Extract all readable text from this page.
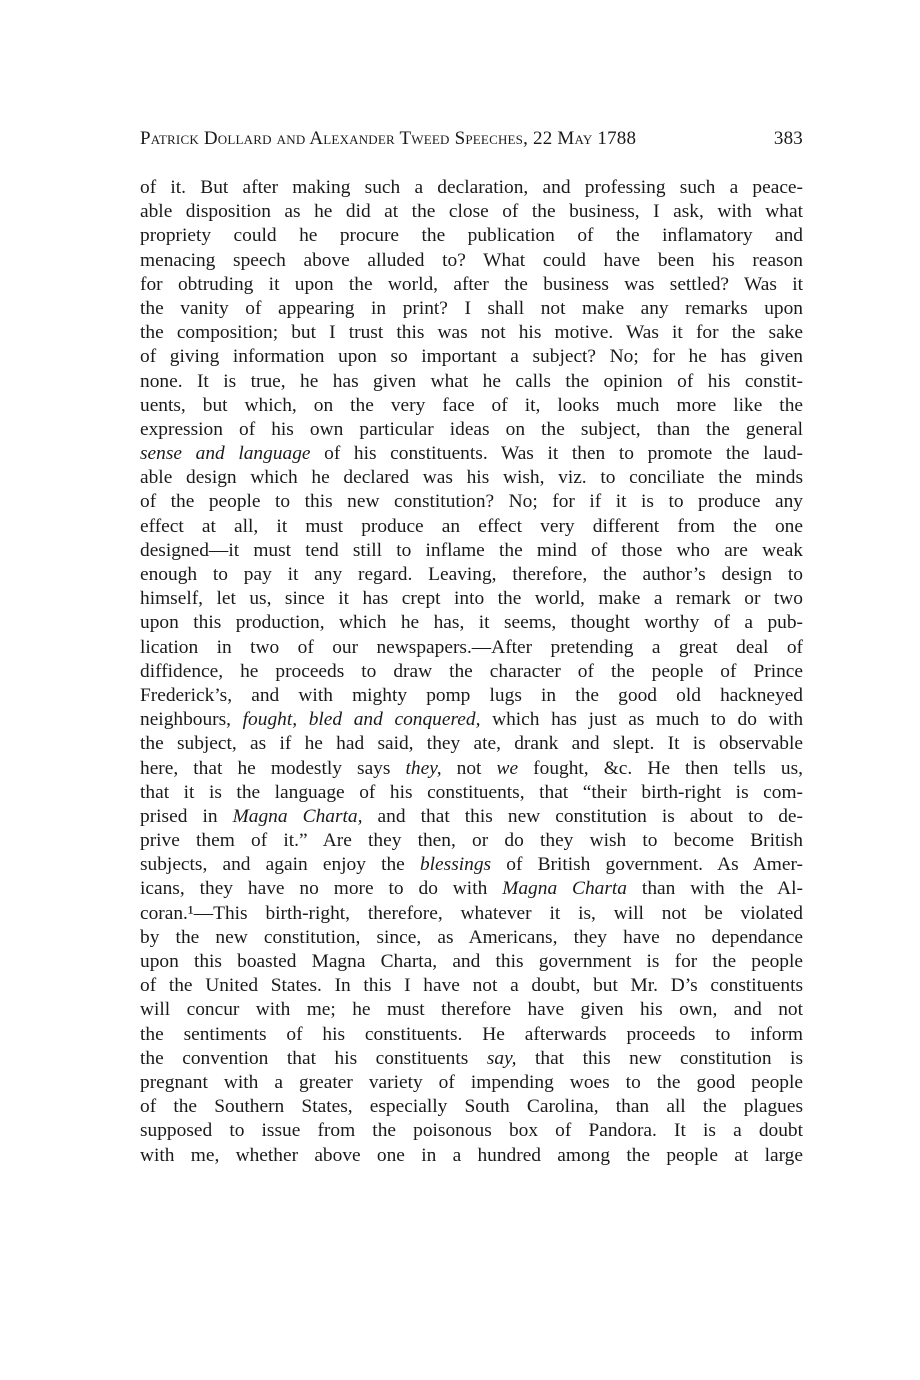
Patrick Dollard and Alexander Tweed Speeches, 22 May 1788	383
of it. But after making such a declaration, and professing such a peace-
able disposition as he did at the close of the business, I ask, with what
propriety could he procure the publication of the inflamatory and
menacing speech above alluded to? What could have been his reason
for obtruding it upon the world, after the business was settled? Was it
the vanity of appearing in print? I shall not make any remarks upon
the composition; but I trust this was not his motive. Was it for the sake
of giving information upon so important a subject? No; for he has given
none. It is true, he has given what he calls the opinion of his constit-
uents, but which, on the very face of it, looks much more like the
expression of his own particular ideas on the subject, than the general
sense and language of his constituents. Was it then to promote the laud-
able design which he declared was his wish, viz. to conciliate the minds
of the people to this new constitution? No; for if it is to produce any
effect at all, it must produce an effect very different from the one
designed—it must tend still to inflame the mind of those who are weak
enough to pay it any regard. Leaving, therefore, the author’s design to
himself, let us, since it has crept into the world, make a remark or two
upon this production, which he has, it seems, thought worthy of a pub-
lication in two of our newspapers.—After pretending a great deal of
diffidence, he proceeds to draw the character of the people of Prince
Frederick’s, and with mighty pomp lugs in the good old hackneyed
neighbours, fought, bled and conquered, which has just as much to do with
the subject, as if he had said, they ate, drank and slept. It is observable
here, that he modestly says they, not we fought, &c. He then tells us,
that it is the language of his constituents, that “their birth-right is com-
prised in Magna Charta, and that this new constitution is about to de-
prive them of it.” Are they then, or do they wish to become British
subjects, and again enjoy the blessings of British government. As Amer-
icans, they have no more to do with Magna Charta than with the Al-
coran.¹—This birth-right, therefore, whatever it is, will not be violated
by the new constitution, since, as Americans, they have no dependance
upon this boasted Magna Charta, and this government is for the people
of the United States. In this I have not a doubt, but Mr. D’s constituents
will concur with me; he must therefore have given his own, and not
the sentiments of his constituents. He afterwards proceeds to inform
the convention that his constituents say, that this new constitution is
pregnant with a greater variety of impending woes to the good people
of the Southern States, especially South Carolina, than all the plagues
supposed to issue from the poisonous box of Pandora. It is a doubt
with me, whether above one in a hundred among the people at large
